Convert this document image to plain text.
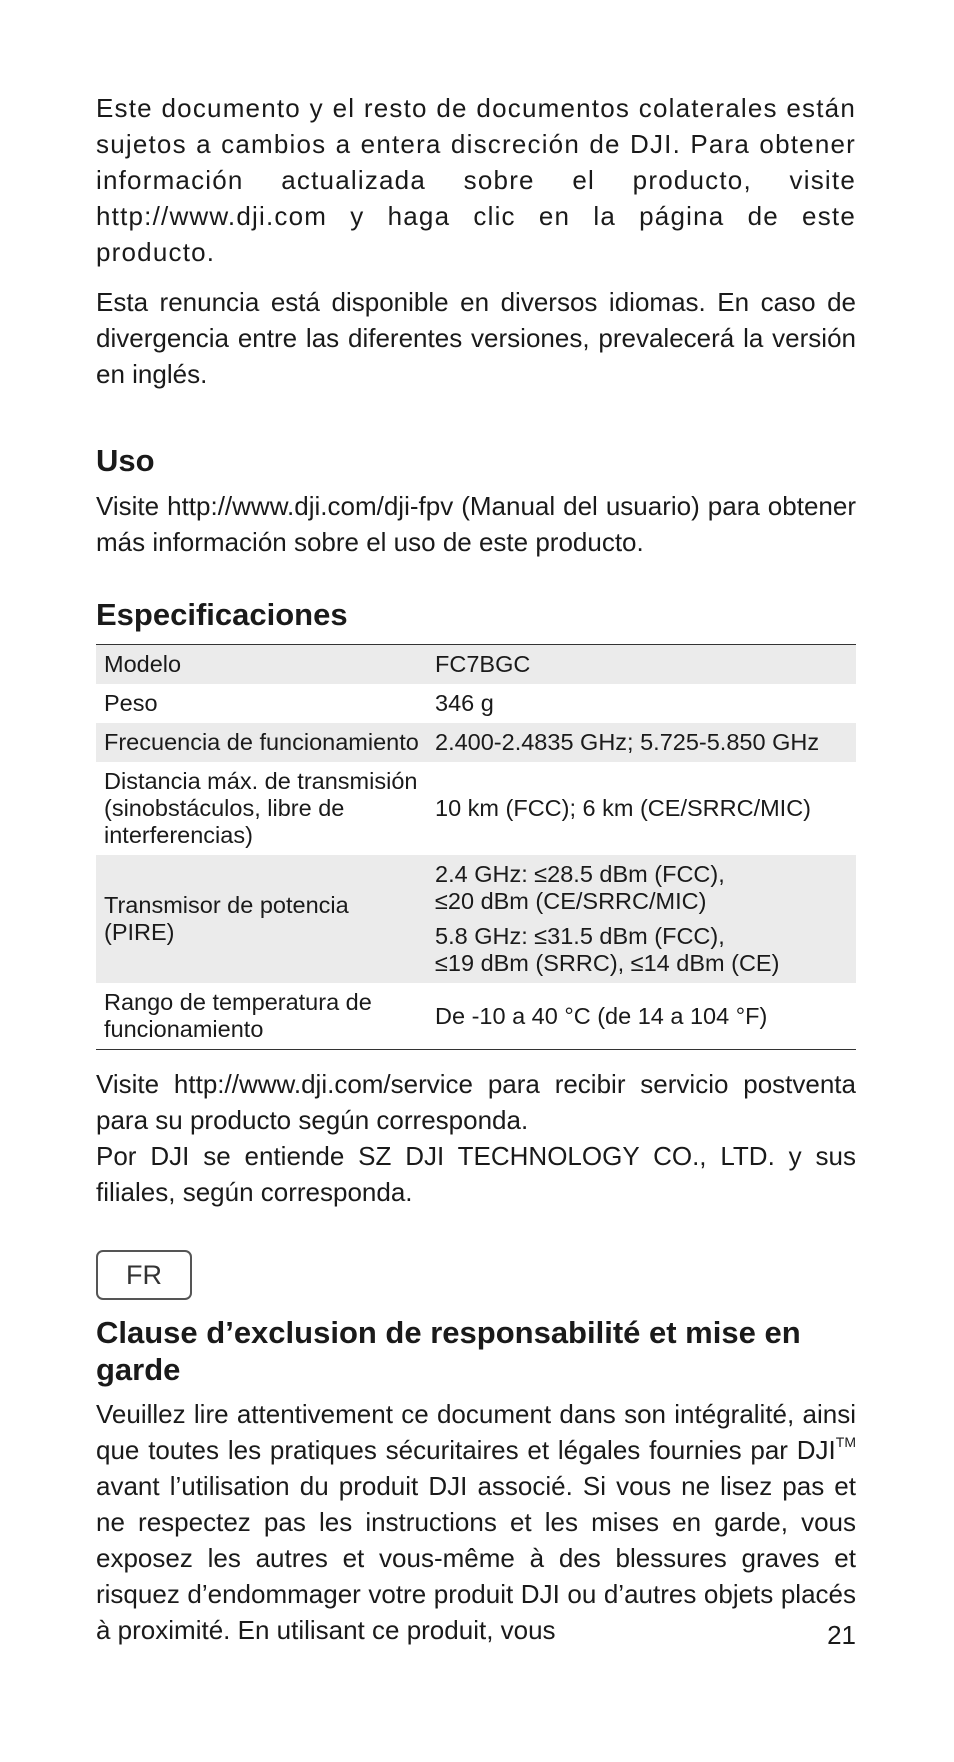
Este documento y el resto de documentos colaterales están sujetos a cambios a entera discreción de DJI. Para obtener información actualizada sobre el producto, visite http://www.dji.com y haga clic en la página de este producto.

Esta renuncia está disponible en diversos idiomas. En caso de divergencia entre las diferentes versiones, prevalecerá la versión en inglés.

Uso

Visite http://www.dji.com/dji-fpv (Manual del usuario) para obtener más información sobre el uso de este producto.

Especificaciones
Modelo	FC7BGC
Peso	346 g
Frecuencia de funcionamiento	2.400-2.4835 GHz; 5.725-5.850 GHz
Distancia máx. de transmisión (sinobstáculos, libre de interferencias)	10 km (FCC); 6 km (CE/SRRC/MIC)
Transmisor de potencia (PIRE)	2.4 GHz: ≤28.5 dBm (FCC),
≤20 dBm (CE/SRRC/MIC)
5.8 GHz: ≤31.5 dBm (FCC),
≤19 dBm (SRRC), ≤14 dBm (CE)

Rango de temperatura de funcionamiento	De -10 a 40 °C (de 14 a 104 °F)

Visite http://www.dji.com/service para recibir servicio postventa para su producto según corresponda.

Por DJI se entiende SZ DJI TECHNOLOGY CO., LTD. y sus filiales, según corresponda.

FR
Clause d’exclusion de responsabilité et mise en garde

Veuillez lire attentivement ce document dans son intégralité, ainsi que toutes les pratiques sécuritaires et légales fournies par DJI™ avant l’utilisation du produit DJI associé. Si vous ne lisez pas et ne respectez pas les instructions et les mises en garde, vous exposez les autres et vous-même à des blessures graves et risquez d’endommager votre produit DJI ou d’autres objets placés à proximité. En utilisant ce produit, vous	21
